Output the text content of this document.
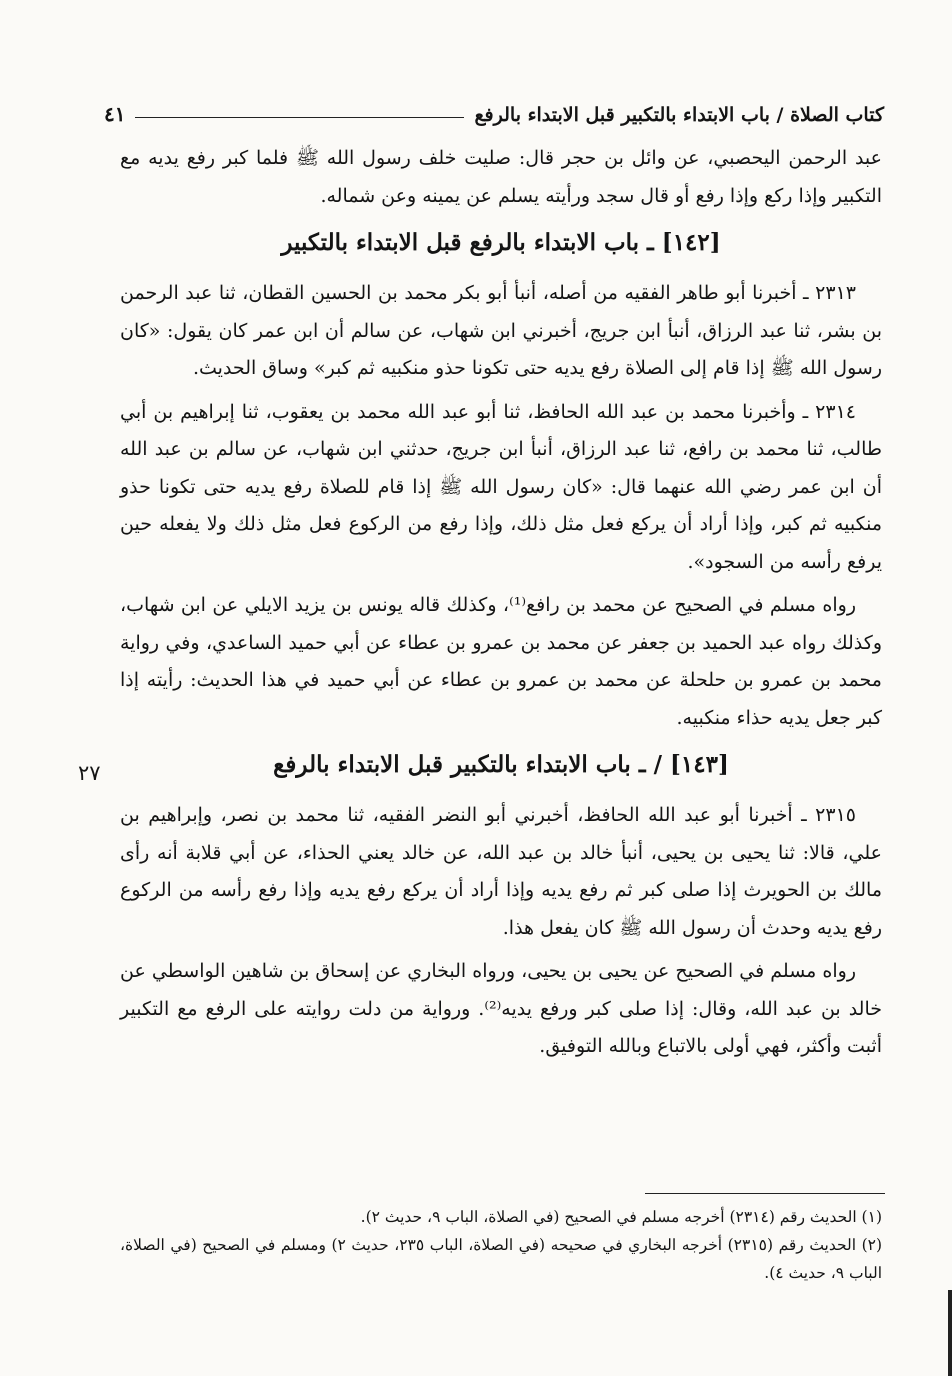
كتاب الصلاة / باب الابتداء بالتكبير قبل الابتداء بالرفع
٤١

عبد الرحمن اليحصبي، عن وائل بن حجر قال: صليت خلف رسول الله ﷺ فلما كبر رفع يديه مع التكبير وإذا ركع وإذا رفع أو قال سجد ورأيته يسلم عن يمينه وعن شماله.

[١٤٢] ـ باب الابتداء بالرفع قبل الابتداء بالتكبير

٢٣١٣ ـ أخبرنا أبو طاهر الفقيه من أصله، أنبأ أبو بكر محمد بن الحسين القطان، ثنا عبد الرحمن بن بشر، ثنا عبد الرزاق، أنبأ ابن جريج، أخبرني ابن شهاب، عن سالم أن ابن عمر كان يقول: «كان رسول الله ﷺ إذا قام إلى الصلاة رفع يديه حتى تكونا حذو منكبيه ثم كبر» وساق الحديث.

٢٣١٤ ـ وأخبرنا محمد بن عبد الله الحافظ، ثنا أبو عبد الله محمد بن يعقوب، ثنا إبراهيم بن أبي طالب، ثنا محمد بن رافع، ثنا عبد الرزاق، أنبأ ابن جريج، حدثني ابن شهاب، عن سالم بن عبد الله أن ابن عمر رضي الله عنهما قال: «كان رسول الله ﷺ إذا قام للصلاة رفع يديه حتى تكونا حذو منكبيه ثم كبر، وإذا أراد أن يركع فعل مثل ذلك، وإذا رفع من الركوع فعل مثل ذلك ولا يفعله حين يرفع رأسه من السجود».

رواه مسلم في الصحيح عن محمد بن رافع⁽¹⁾، وكذلك قاله يونس بن يزيد الايلي عن ابن شهاب، وكذلك رواه عبد الحميد بن جعفر عن محمد بن عمرو بن عطاء عن أبي حميد الساعدي، وفي رواية محمد بن عمرو بن حلحلة عن محمد بن عمرو بن عطاء عن أبي حميد في هذا الحديث: رأيته إذا كبر جعل يديه حذاء منكبيه.

[١٤٣] / ـ باب الابتداء بالتكبير قبل الابتداء بالرفع
٢٧

٢٣١٥ ـ أخبرنا أبو عبد الله الحافظ، أخبرني أبو النضر الفقيه، ثنا محمد بن نصر، وإبراهيم بن علي، قالا: ثنا يحيى بن يحيى، أنبأ خالد بن عبد الله، عن خالد يعني الحذاء، عن أبي قلابة أنه رأى مالك بن الحويرث إذا صلى كبر ثم رفع يديه وإذا أراد أن يركع رفع يديه وإذا رفع رأسه من الركوع رفع يديه وحدث أن رسول الله ﷺ كان يفعل هذا.

رواه مسلم في الصحيح عن يحيى بن يحيى، ورواه البخاري عن إسحاق بن شاهين الواسطي عن خالد بن عبد الله، وقال: إذا صلى كبر ورفع يديه⁽²⁾. ورواية من دلت روايته على الرفع مع التكبير أثبت وأكثر، فهي أولى بالاتباع وبالله التوفيق.

(١) الحديث رقم (٢٣١٤) أخرجه مسلم في الصحيح (في الصلاة، الباب ٩، حديث ٢).

(٢) الحديث رقم (٢٣١٥) أخرجه البخاري في صحيحه (في الصلاة، الباب ٢٣٥، حديث ٢) ومسلم في الصحيح (في الصلاة، الباب ٩، حديث ٤).
